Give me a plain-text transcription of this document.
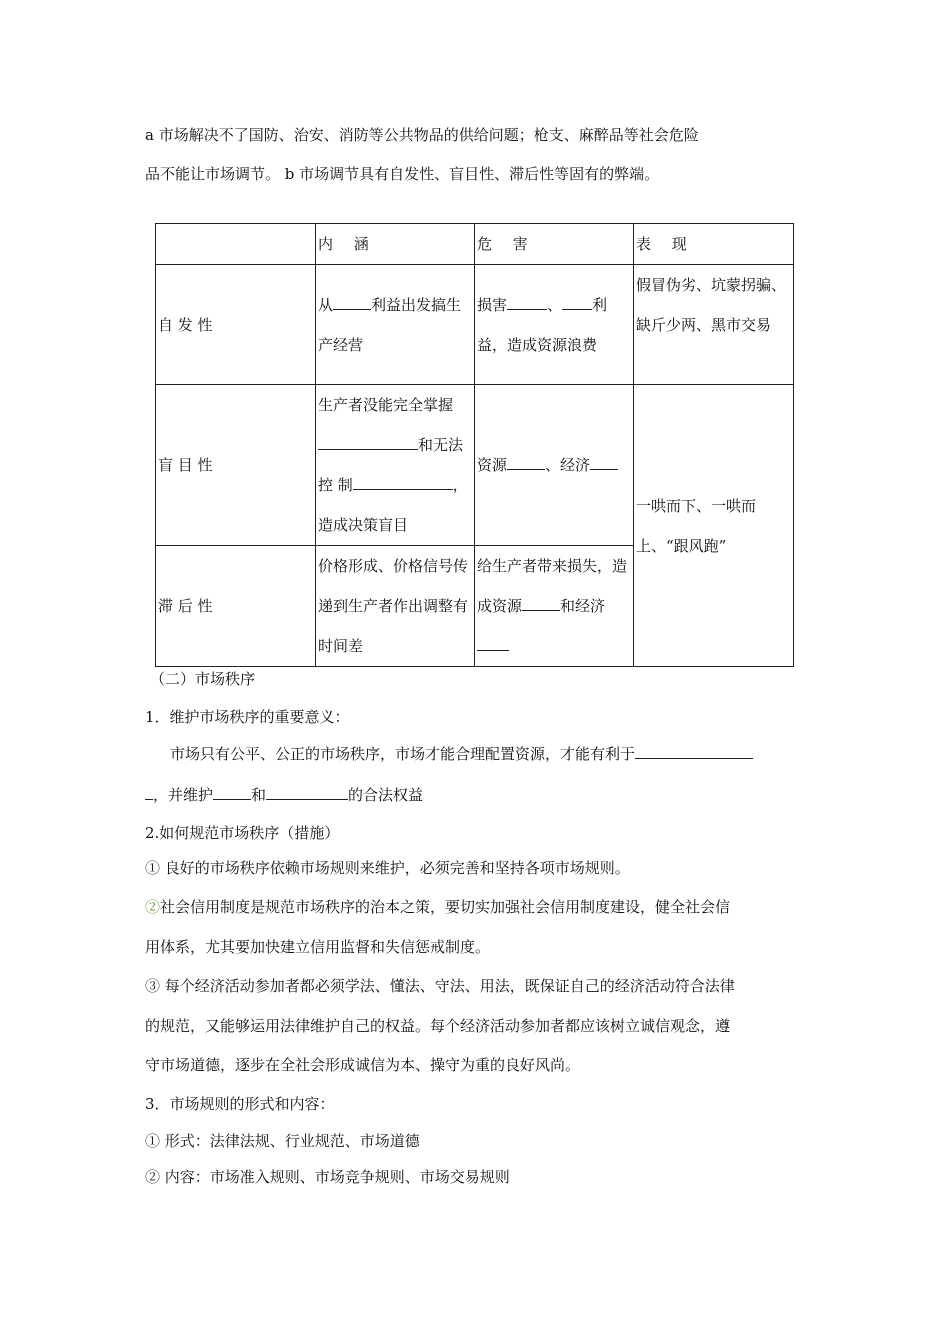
a 市场解决不了国防、治安、消防等公共物品的供给问题；枪支、麻醉品等社会危险
品不能让市场调节。 b 市场调节具有自发性、盲目性、滞后性等固有的弊端。
	内 涵	危 害	表 现
自 发 性	从 利益出发搞生产经营	损害 、 利益，造成资源浪费	假冒伪劣、坑蒙拐骗、缺斤少两、黑市交易
盲 目 性	生产者没能完全掌握和无法控 制 ，造成决策盲目	资源 、经济	一哄而下、一哄而上、“跟风跑”
滞 后 性	价格形成、价格信号传递到生产者作出调整有时间差	给生产者带来损失，造成资源 和经济	
（二）市场秩序
1．维护市场秩序的重要意义：
市场只有公平、公正的市场秩序，市场才能合理配置资源，才能有利于
，并维护	和	的合法权益
2.如何规范市场秩序（措施）
① 良好的市场秩序依赖市场规则来维护，必须完善和坚持各项市场规则。
②社会信用制度是规范市场秩序的治本之策，要切实加强社会信用制度建设，健全社会信
用体系，尤其要加快建立信用监督和失信惩戒制度。
③ 每个经济活动参加者都必须学法、懂法、守法、用法，既保证自己的经济活动符合法律
的规范，又能够运用法律维护自己的权益。每个经济活动参加者都应该树立诚信观念，遵
守市场道德，逐步在全社会形成诚信为本、操守为重的良好风尚。
3．市场规则的形式和内容：
① 形式：法律法规、行业规范、市场道德
② 内容：市场准入规则、市场竞争规则、市场交易规则
